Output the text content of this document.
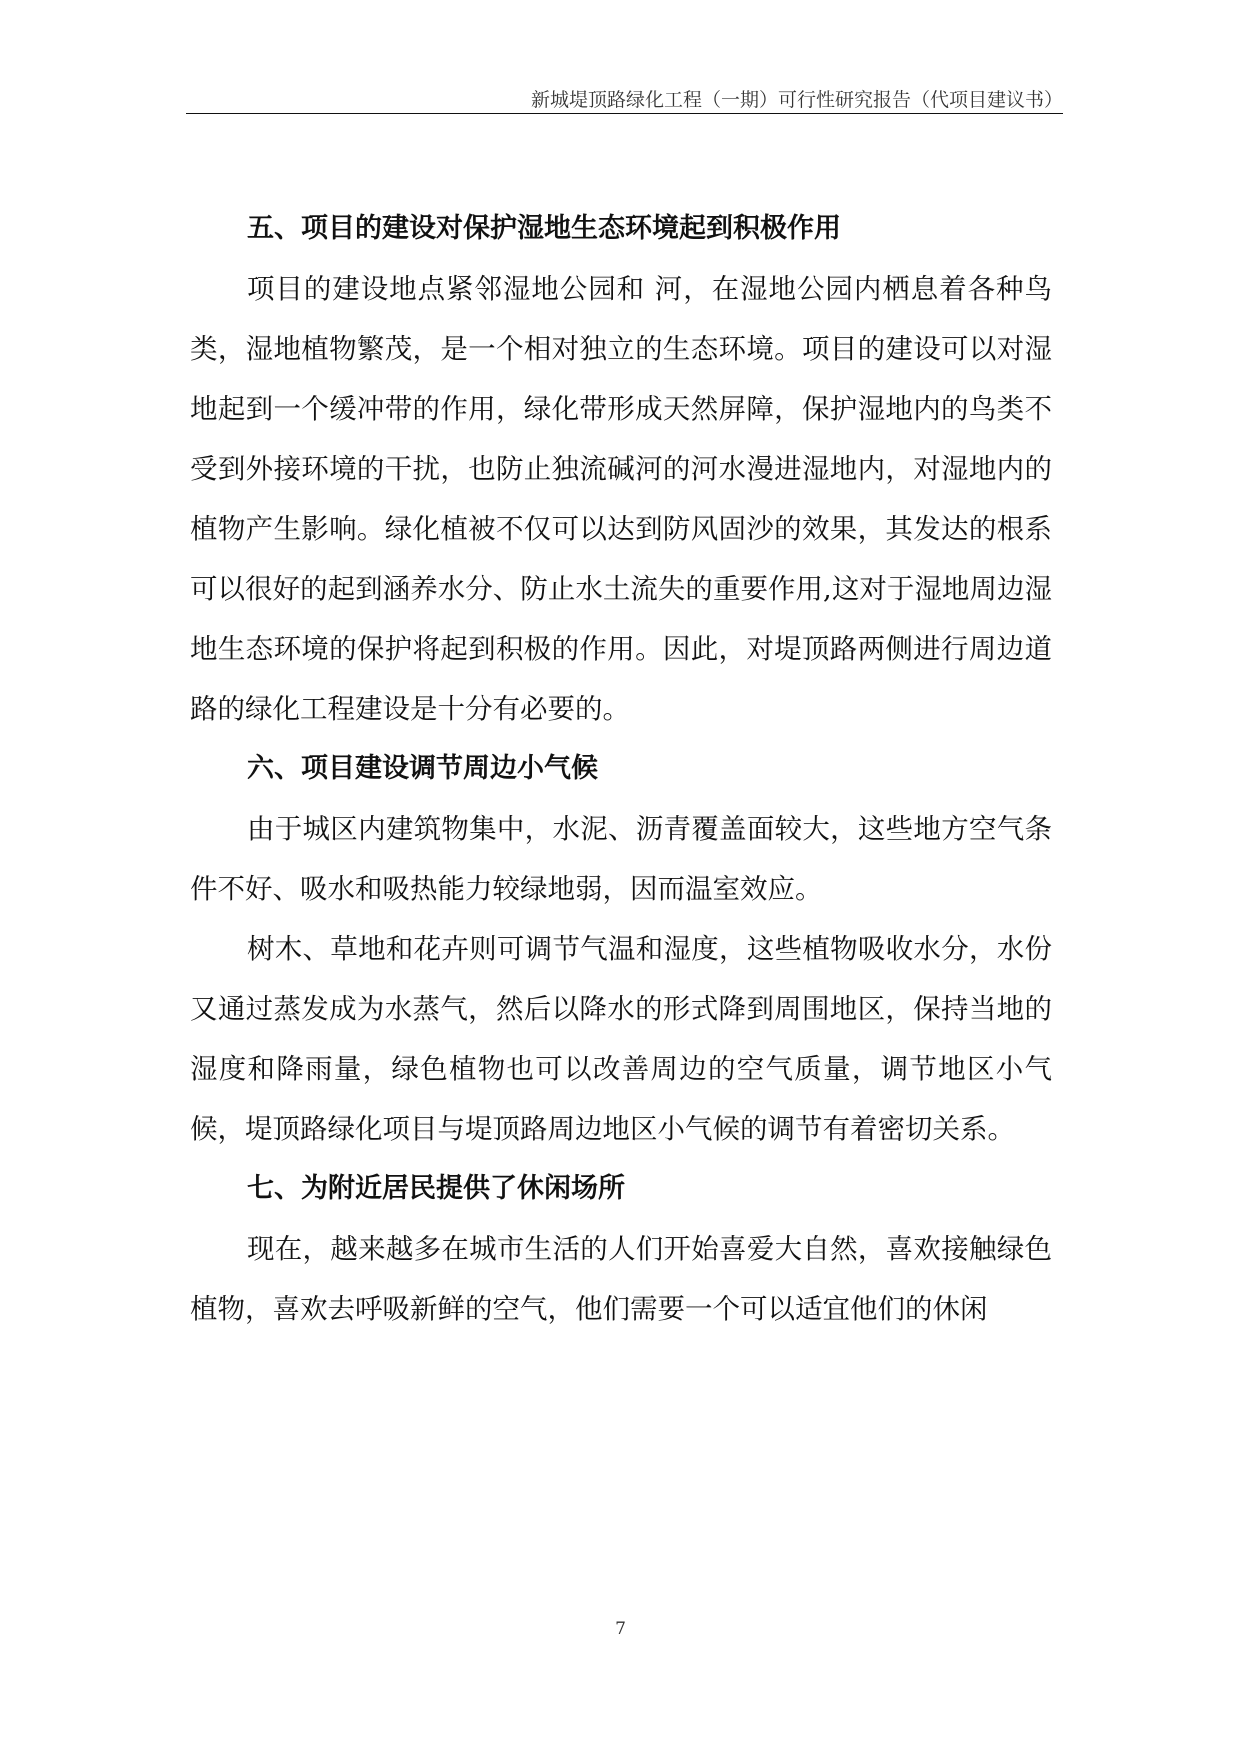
新城堤顶路绿化工程（一期）可行性研究报告（代项目建议书）
五、项目的建设对保护湿地生态环境起到积极作用

项目的建设地点紧邻湿地公园和 河，在湿地公园内栖息着各种鸟类，湿地植物繁茂，是一个相对独立的生态环境。项目的建设可以对湿地起到一个缓冲带的作用，绿化带形成天然屏障，保护湿地内的鸟类不受到外接环境的干扰，也防止独流碱河的河水漫进湿地内，对湿地内的植物产生影响。绿化植被不仅可以达到防风固沙的效果，其发达的根系可以很好的起到涵养水分、防止水土流失的重要作用,这对于湿地周边湿地生态环境的保护将起到积极的作用。因此，对堤顶路两侧进行周边道路的绿化工程建设是十分有必要的。

六、项目建设调节周边小气候

由于城区内建筑物集中，水泥、沥青覆盖面较大，这些地方空气条件不好、吸水和吸热能力较绿地弱，因而温室效应。

树木、草地和花卉则可调节气温和湿度，这些植物吸收水分，水份又通过蒸发成为水蒸气，然后以降水的形式降到周围地区，保持当地的湿度和降雨量，绿色植物也可以改善周边的空气质量，调节地区小气候，堤顶路绿化项目与堤顶路周边地区小气候的调节有着密切关系。

七、为附近居民提供了休闲场所

现在，越来越多在城市生活的人们开始喜爱大自然，喜欢接触绿色植物，喜欢去呼吸新鲜的空气，他们需要一个可以适宜他们的休闲

7
